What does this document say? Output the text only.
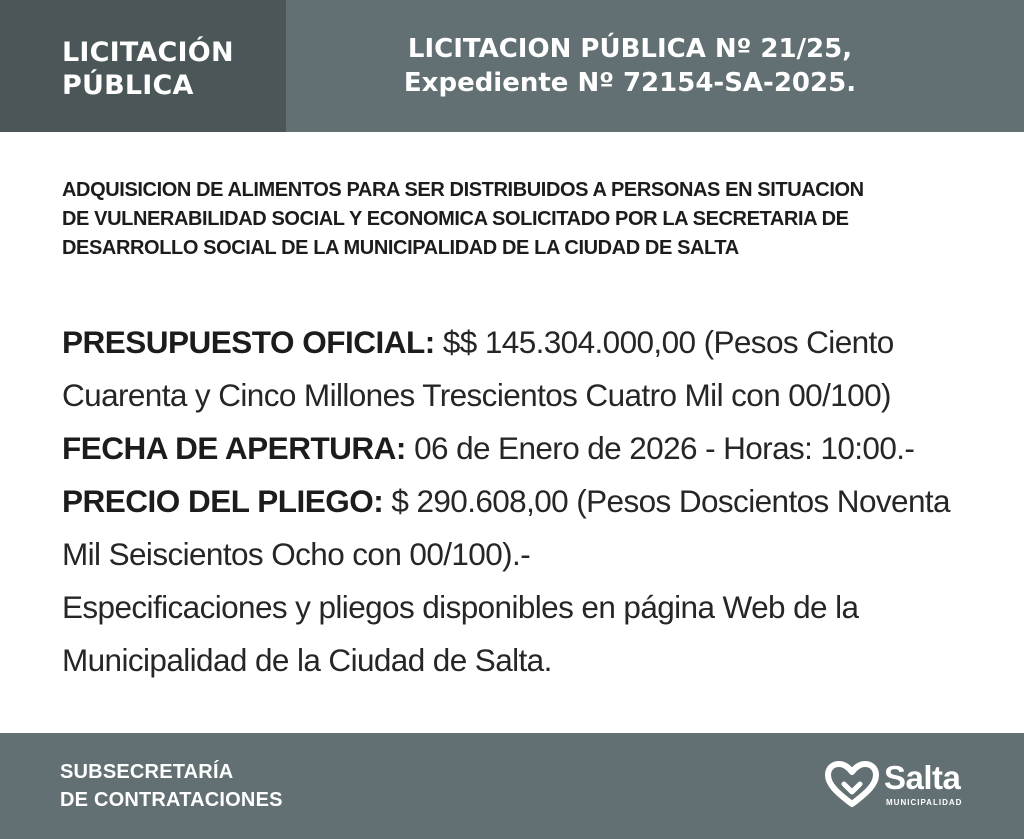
LICITACIÓN
PÚBLICA
LICITACION PÚBLICA Nº 21/25,
Expediente Nº 72154-SA-2025.
ADQUISICION DE ALIMENTOS PARA SER DISTRIBUIDOS A PERSONAS EN SITUACION
DE VULNERABILIDAD SOCIAL Y ECONOMICA SOLICITADO POR LA SECRETARIA DE
DESARROLLO SOCIAL DE LA MUNICIPALIDAD DE LA CIUDAD DE SALTA
PRESUPUESTO OFICIAL: $$ 145.304.000,00 (Pesos Ciento
Cuarenta y Cinco Millones Trescientos Cuatro Mil con 00/100)
FECHA DE APERTURA: 06 de Enero de 2026 - Horas: 10:00.-
PRECIO DEL PLIEGO: $ 290.608,00 (Pesos Doscientos Noventa
Mil Seiscientos Ocho con 00/100).-
Especificaciones y pliegos disponibles en página Web de la
Municipalidad de la Ciudad de Salta.
SUBSECRETARÍA
DE CONTRATACIONES
Salta
MUNICIPALIDAD
